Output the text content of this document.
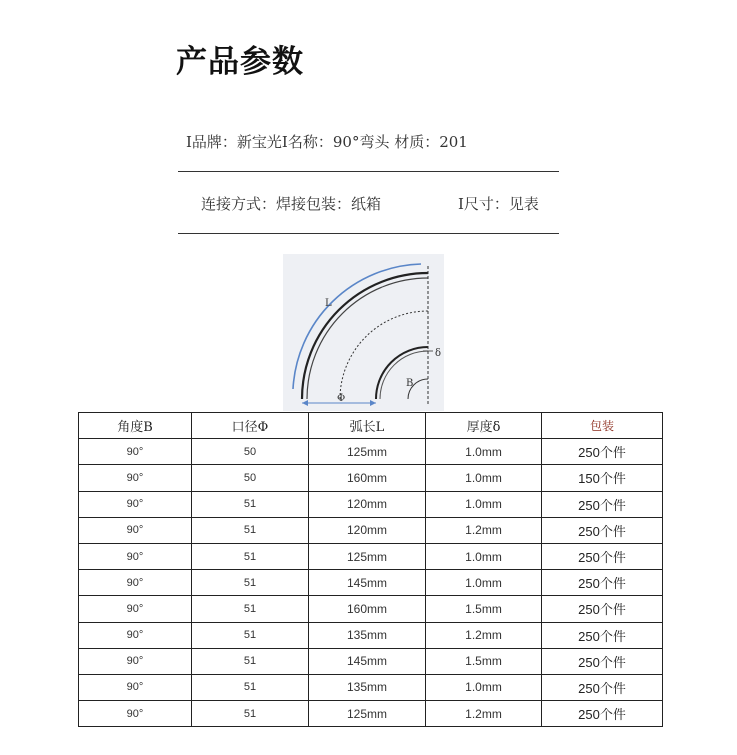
产品参数
I品牌：新宝光I名称：90°弯头 材质：201
连接方式：焊接包装：纸箱	I尺寸：见表
L
δ
B
Φ
角度B	口径Φ	弧长L	厚度δ	包装
90°	50	125mm	1.0mm	250个件
90°	50	160mm	1.0mm	150个件
90°	51	120mm	1.0mm	250个件
90°	51	120mm	1.2mm	250个件
90°	51	125mm	1.0mm	250个件
90°	51	145mm	1.0mm	250个件
90°	51	160mm	1.5mm	250个件
90°	51	135mm	1.2mm	250个件
90°	51	145mm	1.5mm	250个件
90°	51	135mm	1.0mm	250个件
90°	51	125mm	1.2mm	250个件
